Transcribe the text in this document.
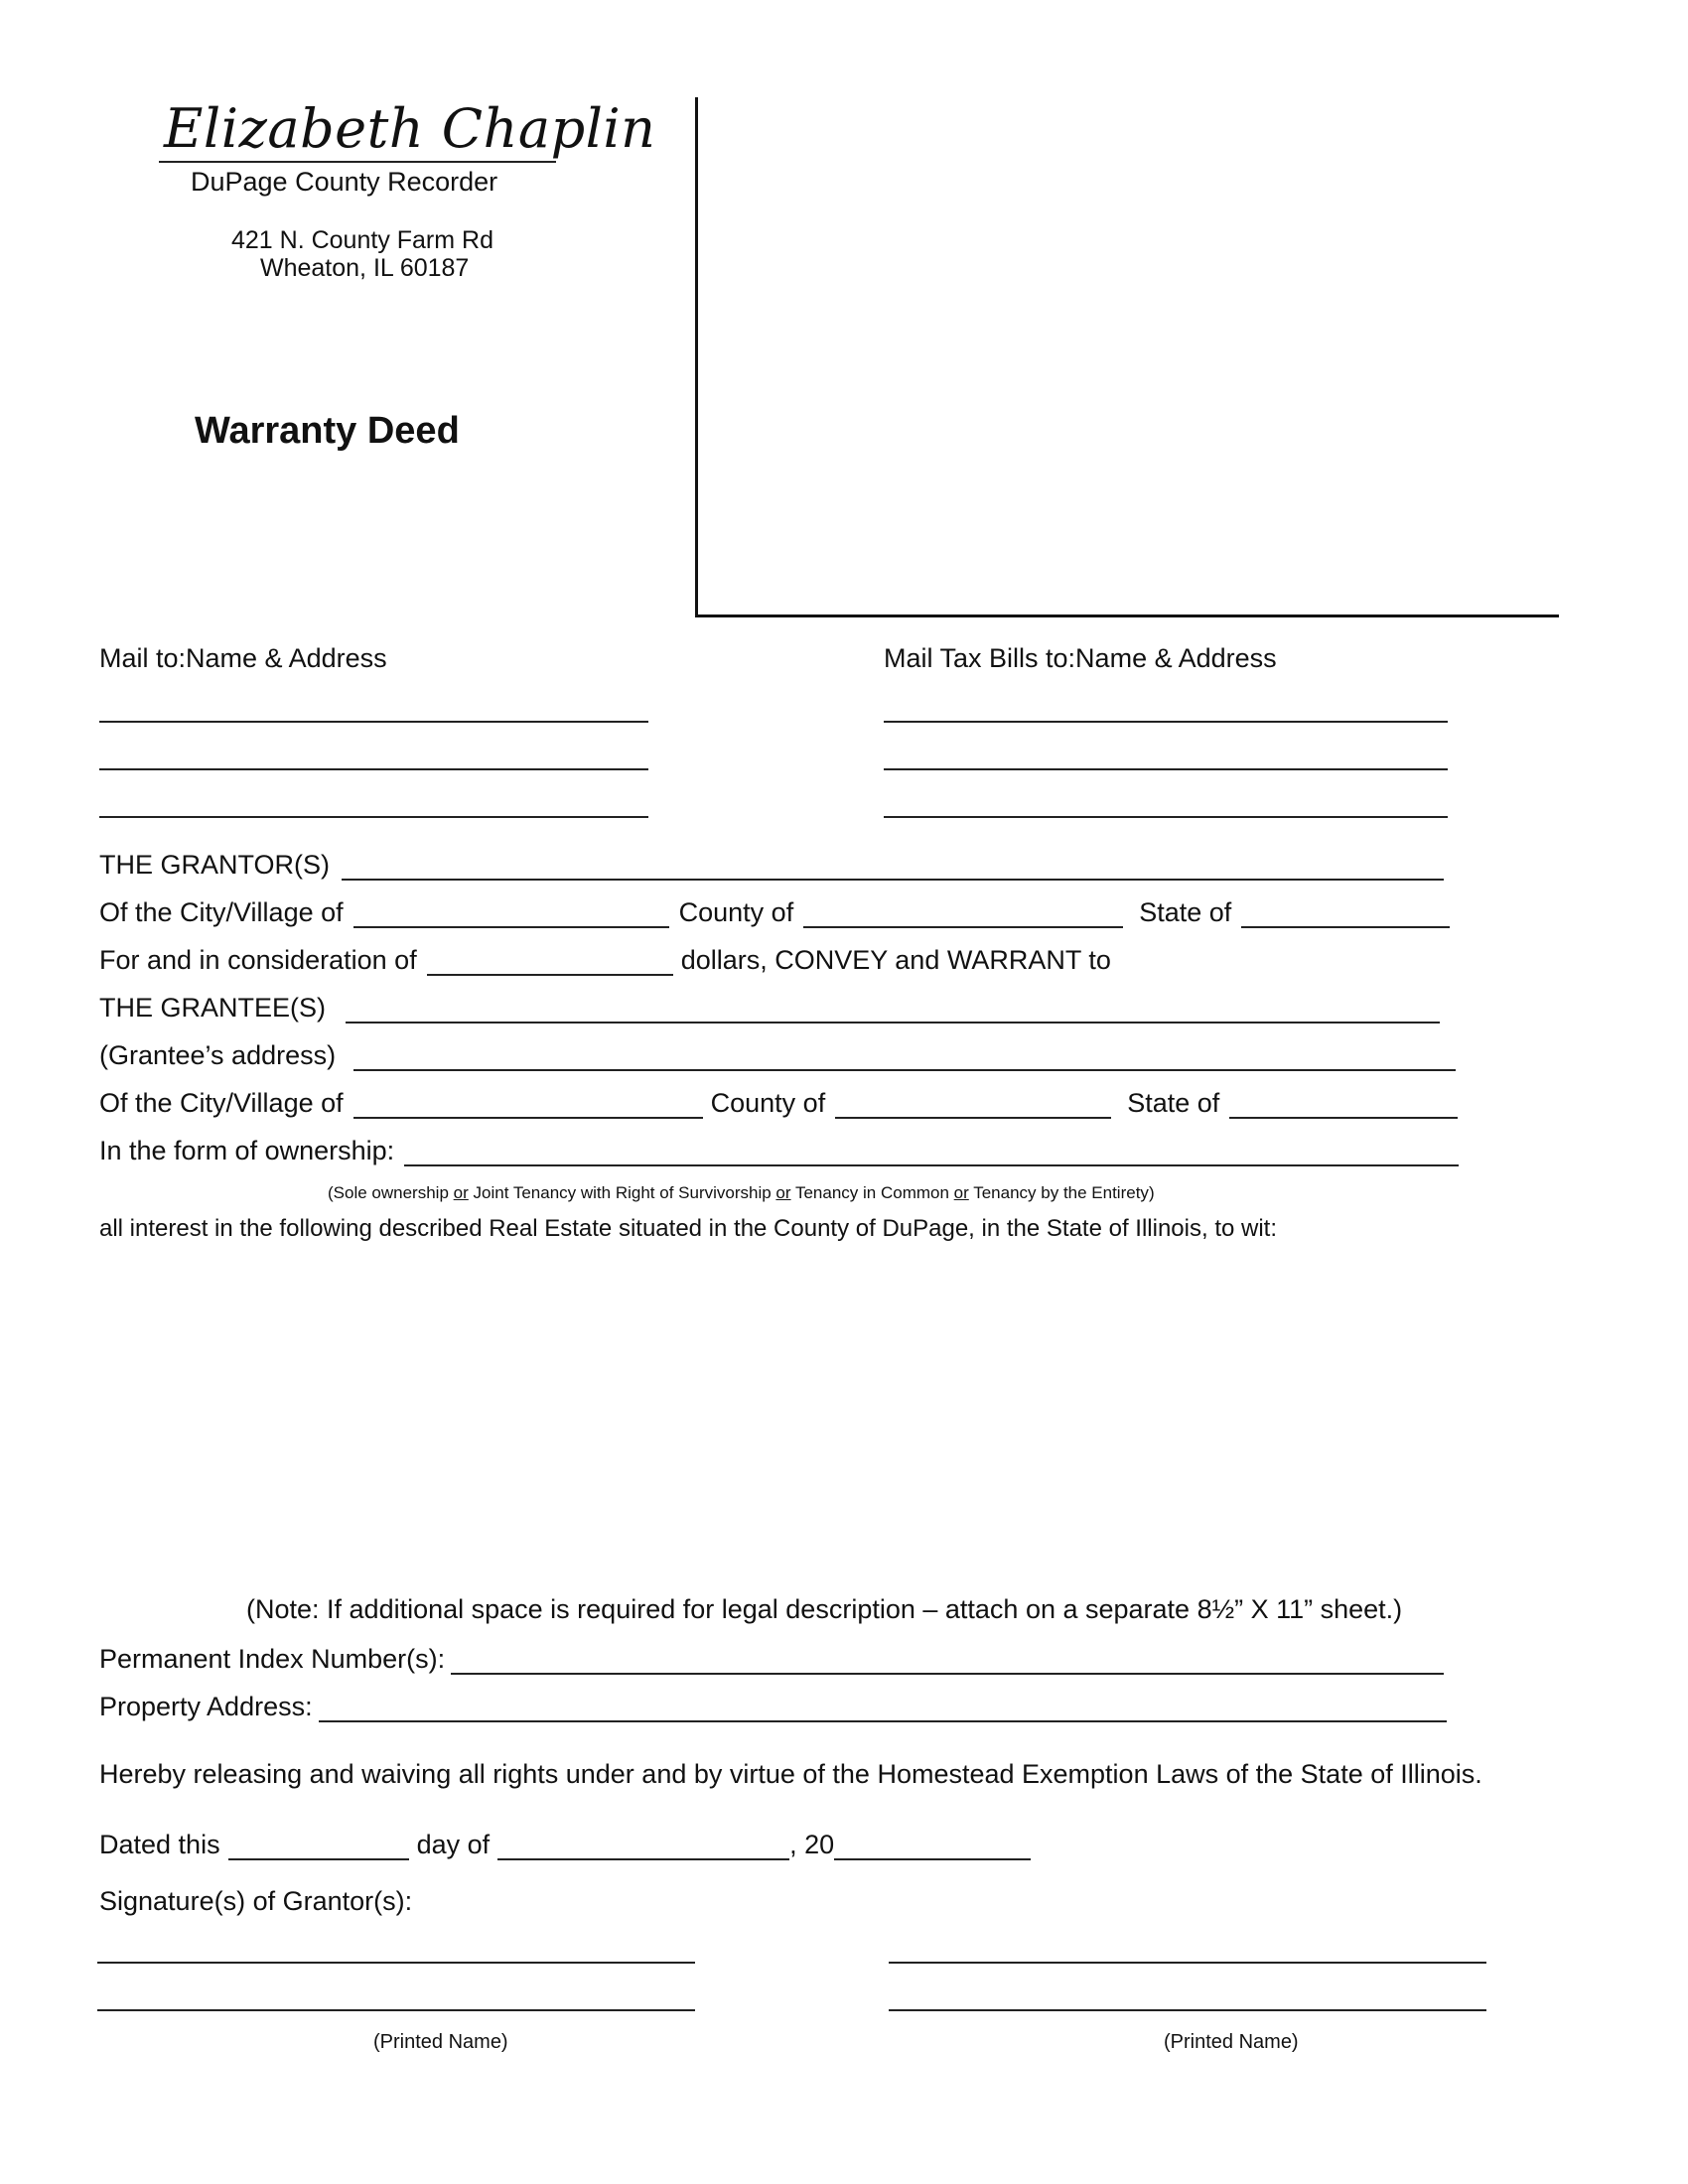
Elizabeth Chaplin
DuPage County Recorder
421 N. County Farm Rd
Wheaton, IL 60187
Warranty Deed
Mail to:Name & Address	Mail Tax Bills to:Name & Address
THE GRANTOR(S)
Of the City/Village of	County of	State of
For and in consideration of	dollars, CONVEY and WARRANT to
THE GRANTEE(S)
(Grantee’s address)
Of the City/Village of	County of	State of
In the form of ownership:
(Sole ownership or Joint Tenancy with Right of Survivorship or Tenancy in Common or Tenancy by the Entirety)
all interest in the following described Real Estate situated in the County of DuPage, in the State of Illinois, to wit:
(Note: If additional space is required for legal description – attach on a separate 8½” X 11” sheet.)
Permanent Index Number(s):
Property Address:
Hereby releasing and waiving all rights under and by virtue of the Homestead Exemption Laws of the State of Illinois.
Dated this	day of	, 20
Signature(s) of Grantor(s):
(Printed Name)	(Printed Name)
